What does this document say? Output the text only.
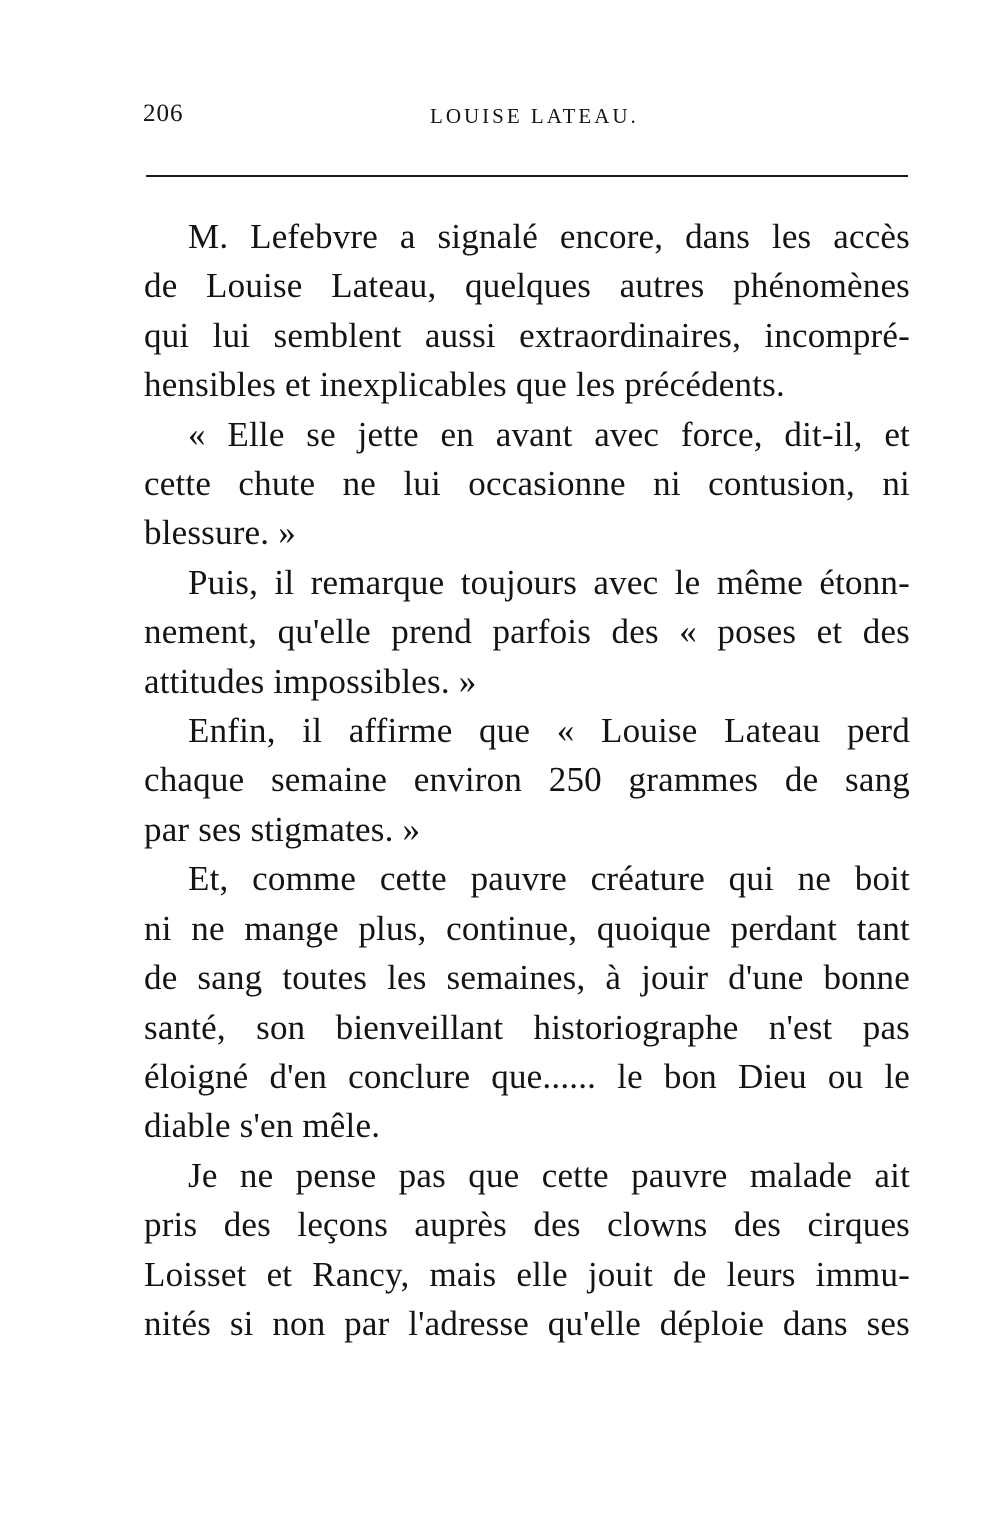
206	LOUISE LATEAU.
M. Lefebvre a signalé encore, dans les accès
de Louise Lateau, quelques autres phénomènes
qui lui semblent aussi extraordinaires, incompré-
hensibles et inexplicables que les précédents.
« Elle se jette en avant avec force, dit-il, et
cette chute ne lui occasionne ni contusion, ni
blessure. »
Puis, il remarque toujours avec le même étonn-
nement, qu'elle prend parfois des « poses et des
attitudes impossibles. »
Enfin, il affirme que « Louise Lateau perd
chaque semaine environ 250 grammes de sang
par ses stigmates. »
Et, comme cette pauvre créature qui ne boit
ni ne mange plus, continue, quoique perdant tant
de sang toutes les semaines, à jouir d'une bonne
santé, son bienveillant historiographe n'est pas
éloigné d'en conclure que...... le bon Dieu ou le
diable s'en mêle.
Je ne pense pas que cette pauvre malade ait
pris des leçons auprès des clowns des cirques
Loisset et Rancy, mais elle jouit de leurs immu-
nités si non par l'adresse qu'elle déploie dans ses
